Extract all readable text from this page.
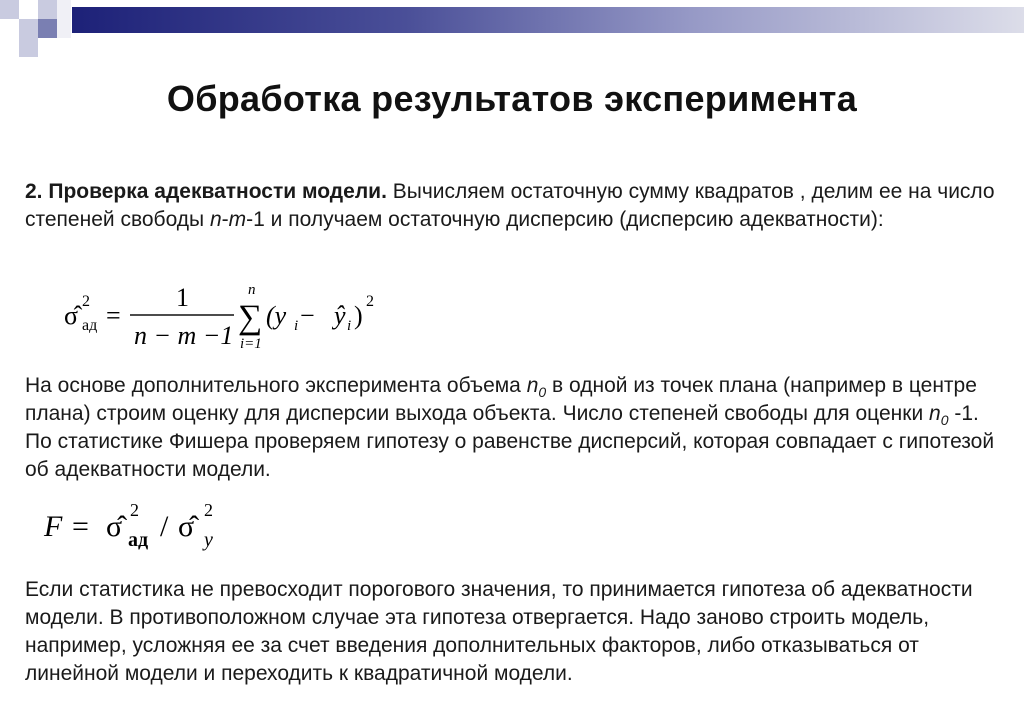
Обработка результатов эксперимента
2. Проверка адекватности модели. Вычисляем остаточную сумму квадратов , делим ее на число степеней свободы n-m-1 и получаем остаточную дисперсию (дисперсию адекватности):
σ̂ 2
ад =
1
n − m −1
n
∑
i=1
(y i − ŷ i ) 2
На основе дополнительного эксперимента объема $n_0$ в одной из точек плана (например в центре плана) строим оценку для дисперсии выхода объекта. Число степеней свободы для оценки $n_0$ -1. По статистике Фишера проверяем гипотезу о равенстве дисперсий, которая совпадает с гипотезой об адекватности модели.
F = σ̂ 2
ад / σ̂ 2
y
Если статистика не превосходит порогового значения, то принимается гипотеза об адекватности модели. В противоположном случае эта гипотеза отвергается. Надо заново строить модель, например, усложняя ее за счет введения дополнительных факторов, либо отказываться от линейной модели и переходить к квадратичной модели.
